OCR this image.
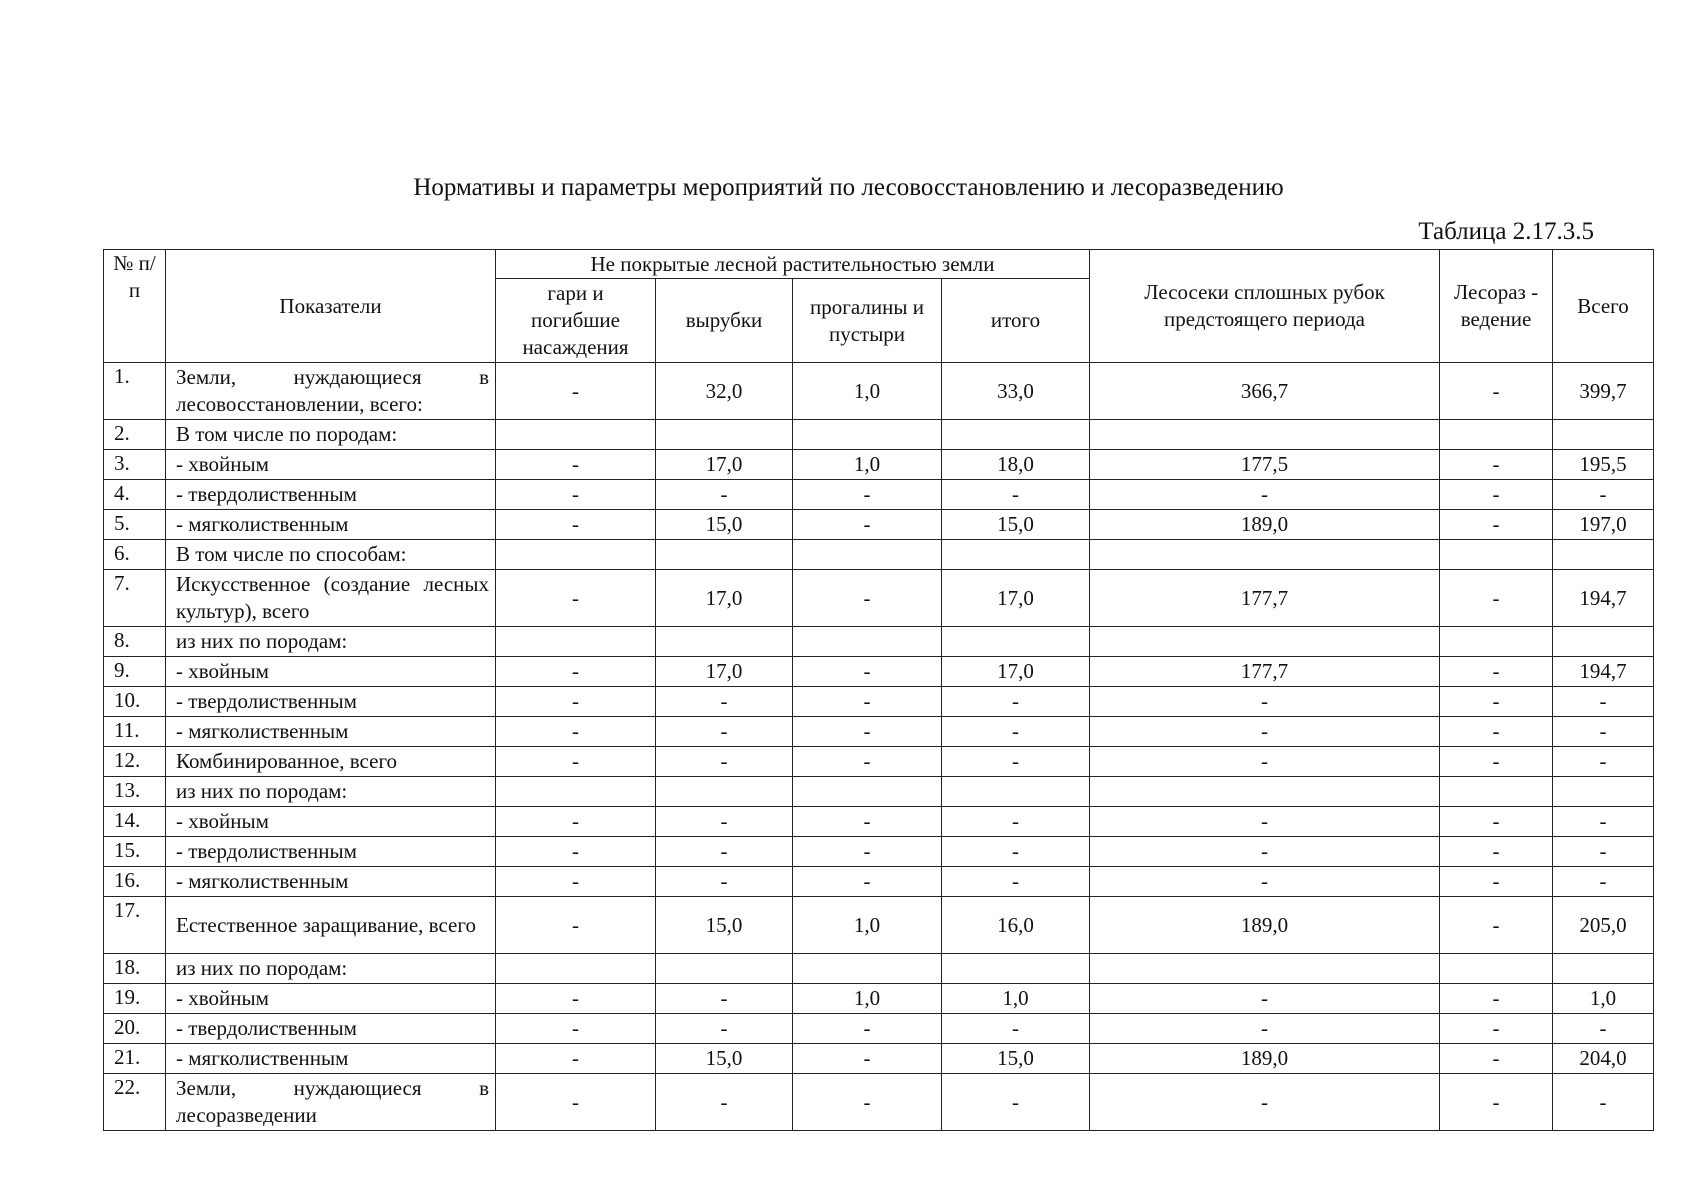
Нормативы и параметры мероприятий по лесовосстановлению и лесоразведению
Таблица 2.17.3.5
№ п/п	Показатели	Не покрытые лесной растительностью земли				Лесосеки сплошных рубок предстоящего периода	Лесораз - ведение	Всего
		гари и погибшие насаждения	вырубки	прогалины и пустыри	итого			
1.	Земли, нуждающиеся в лесовосстановлении, всего:	-	32,0	1,0	33,0	366,7	-	399,7
2.	В том числе по породам:							
3.	- хвойным	-	17,0	1,0	18,0	177,5	-	195,5
4.	- твердолиственным	-	-	-	-	-	-	-
5.	- мягколиственным	-	15,0	-	15,0	189,0	-	197,0
6.	В том числе по способам:							
7.	Искусственное (создание лесных культур), всего	-	17,0	-	17,0	177,7	-	194,7
8.	из них по породам:							
9.	- хвойным	-	17,0	-	17,0	177,7	-	194,7
10.	- твердолиственным	-	-	-	-	-	-	-
11.	- мягколиственным	-	-	-	-	-	-	-
12.	Комбинированное, всего	-	-	-	-	-	-	-
13.	из них по породам:							
14.	- хвойным	-	-	-	-	-	-	-
15.	- твердолиственным	-	-	-	-	-	-	-
16.	- мягколиственным	-	-	-	-	-	-	-
17.	Естественное заращивание, всего	-	15,0	1,0	16,0	189,0	-	205,0
18.	из них по породам:							
19.	- хвойным	-	-	1,0	1,0	-	-	1,0
20.	- твердолиственным	-	-	-	-	-	-	-
21.	- мягколиственным	-	15,0	-	15,0	189,0	-	204,0
22.	Земли, нуждающиеся в лесоразведении	-	-	-	-	-	-	-
